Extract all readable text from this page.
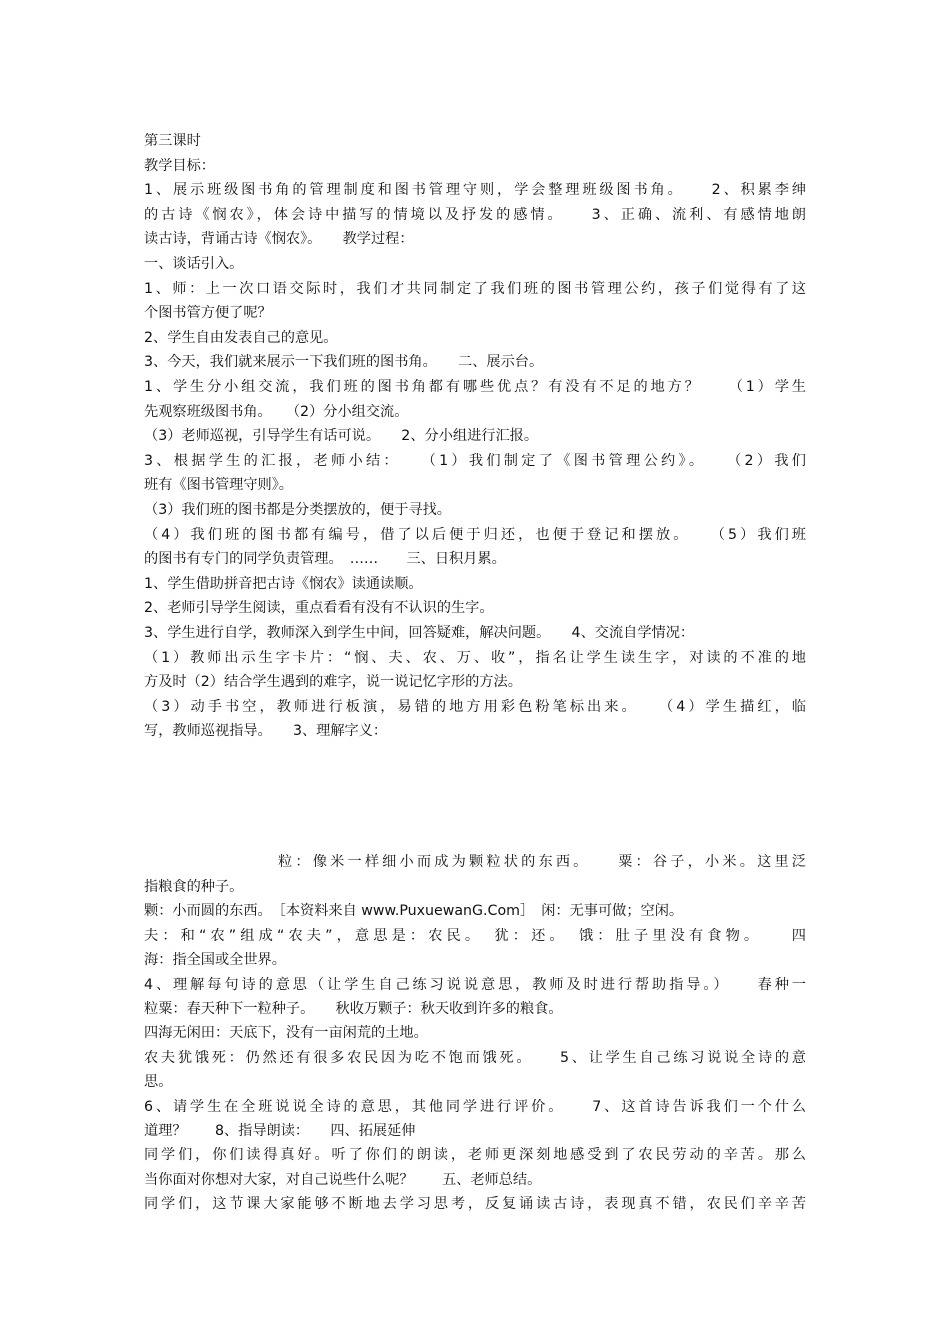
第三课时
教学目标：
1、展示班级图书角的管理制度和图书管理守则，学会整理班级图书角。　　2、积累李绅
的古诗《悯农》，体会诗中描写的情境以及抒发的感情。　　3、正确、流利、有感情地朗
读古诗，背诵古诗《悯农》。　　教学过程：
一、谈话引入。
1、师：上一次口语交际时，我们才共同制定了我们班的图书管理公约，孩子们觉得有了这
个图书管方便了呢？
2、学生自由发表自己的意见。
3、今天，我们就来展示一下我们班的图书角。　　二、展示台。
1、学生分小组交流，我们班的图书角都有哪些优点？有没有不足的地方？　　（1）学生
先观察班级图书角。　　（2）分小组交流。
（3）老师巡视，引导学生有话可说。　　2、分小组进行汇报。
3、根据学生的汇报，老师小结：　　（1）我们制定了《图书管理公约》。　　（2）我们
班有《图书管理守则》。
（3）我们班的图书都是分类摆放的，便于寻找。
（4）我们班的图书都有编号，借了以后便于归还，也便于登记和摆放。　　（5）我们班
的图书有专门的同学负责管理。　……　　三、日积月累。
1、学生借助拼音把古诗《悯农》读通读顺。
2、老师引导学生阅读，重点看看有没有不认识的生字。
3、学生进行自学，教师深入到学生中间，回答疑难，解决问题。　　4、交流自学情况：
（1）教师出示生字卡片：“悯、夫、农、万、收”，指名让学生读生字，对读的不准的地
方及时（2）结合学生遇到的难字，说一说记忆字形的方法。
（3）动手书空，教师进行板演，易错的地方用彩色粉笔标出来。　　（4）学生描红，临
写，教师巡视指导。　　3、理解字义：
粒：像米一样细小而成为颗粒状的东西。　　粟：谷子，小米。这里泛
指粮食的种子。
颗：小而圆的东西。　［本资料来自 www.PuxuewanG.Com］　闲：无事可做；空闲。
夫：和“农”组成“农夫”，意思是：农民。　犹：还。　饿：肚子里没有食物。　　四
海：指全国或全世界。
4、理解每句诗的意思（让学生自己练习说说意思，教师及时进行帮助指导。）　　春种一
粒粟：春天种下一粒种子。　　秋收万颗子：秋天收到许多的粮食。
四海无闲田：天底下，没有一亩闲荒的土地。
农夫犹饿死：仍然还有很多农民因为吃不饱而饿死。　　5、让学生自己练习说说全诗的意
思。
6、请学生在全班说说全诗的意思，其他同学进行评价。　　7、这首诗告诉我们一个什么
道理？　　8、指导朗读：　　四、拓展延伸
同学们，你们读得真好。听了你们的朗读，老师更深刻地感受到了农民劳动的辛苦。那么
当你面对你想对大家，对自己说些什么呢？　　五、老师总结。
同学们，这节课大家能够不断地去学习思考，反复诵读古诗，表现真不错，农民们辛辛苦
